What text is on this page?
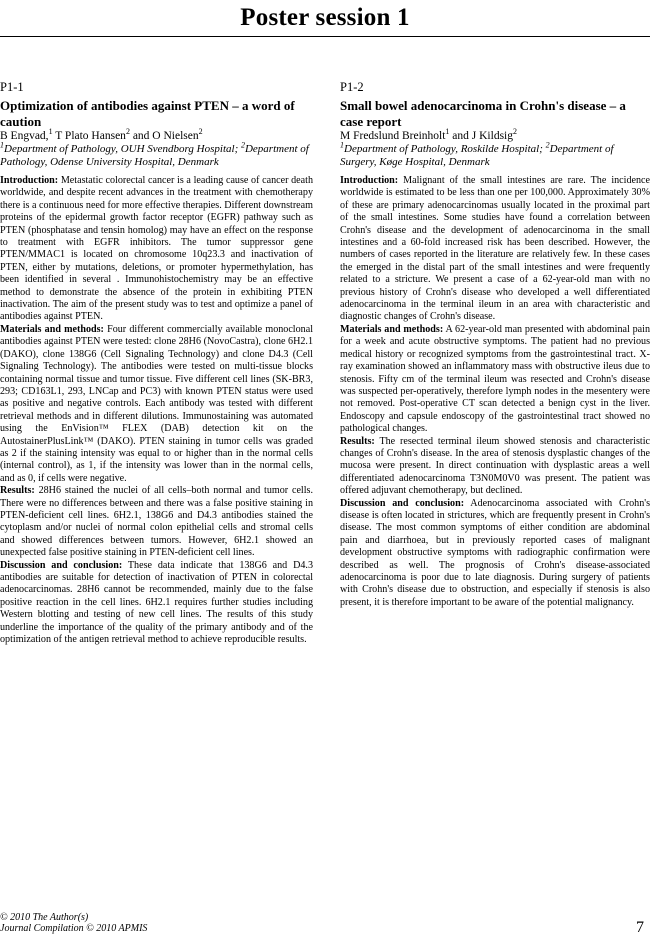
Poster session 1

P1-1

Optimization of antibodies against PTEN – a word of caution

B Engvad,$^1$ T Plato Hansen$^2$ and O Nielsen$^2$

$^1$Department of Pathology, OUH Svendborg Hospital; $^2$Department of Pathology, Odense University Hospital, Denmark

Introduction: Metastatic colorectal cancer is a leading cause of cancer death worldwide, and despite recent advances in the treatment with chemotherapy there is a continuous need for more effective therapies. Different downstream proteins of the epidermal growth factor receptor (EGFR) pathway such as PTEN (phosphatase and tensin homolog) may have an effect on the response to treatment with EGFR inhibitors. The tumor suppressor gene PTEN/MMAC1 is located on chromosome 10q23.3 and inactivation of PTEN, either by mutations, deletions, or promoter hypermethylation, has been identified in several . Immunohistochemistry may be an effective method to demonstrate the absence of the protein in exhibiting PTEN inactivation. The aim of the present study was to test and optimize a panel of antibodies against PTEN.

Materials and methods: Four different commercially available monoclonal antibodies against PTEN were tested: clone 28H6 (NovoCastra), clone 6H2.1 (DAKO), clone 138G6 (Cell Signaling Technology) and clone D4.3 (Cell Signaling Technology). The antibodies were tested on multi-tissue blocks containing normal tissue and tumor tissue. Five different cell lines (SK-BR3, 293; CD163L1, 293, LNCap and PC3) with known PTEN status were used as positive and negative controls. Each antibody was tested with different retrieval methods and in different dilutions. Immunostaining was automated using the EnVision™ FLEX (DAB) detection kit on the AutostainerPlusLink™ (DAKO). PTEN staining in tumor cells was graded as 2 if the staining intensity was equal to or higher than in the normal cells (internal control), as 1, if the intensity was lower than in the normal cells, and as 0, if cells were negative.

Results: 28H6 stained the nuclei of all cells–both normal and tumor cells. There were no differences between and there was a false positive staining in PTEN-deficient cell lines. 6H2.1, 138G6 and D4.3 antibodies stained the cytoplasm and/or nuclei of normal colon epithelial cells and stromal cells and showed differences between tumors. However, 6H2.1 showed an unexpected false positive staining in PTEN-deficient cell lines.

Discussion and conclusion: These data indicate that 138G6 and D4.3 antibodies are suitable for detection of inactivation of PTEN in colorectal adenocarcinomas. 28H6 cannot be recommended, mainly due to the false positive reaction in the cell lines. 6H2.1 requires further studies including Western blotting and testing of new cell lines. The results of this study underline the importance of the quality of the primary antibody and of the optimization of the antigen retrieval method to achieve reproducible results.

P1-2

Small bowel adenocarcinoma in Crohn's disease – a case report

M Fredslund Breinholt$^1$ and J Kildsig$^2$

$^1$Department of Pathology, Roskilde Hospital; $^2$Department of Surgery, Køge Hospital, Denmark

Introduction: Malignant of the small intestines are rare. The incidence worldwide is estimated to be less than one per 100,000. Approximately 30% of these are primary adenocarcinomas usually located in the proximal part of the small intestines. Some studies have found a correlation between Crohn's disease and the development of adenocarcinoma in the small intestines and a 60-fold increased risk has been described. However, the numbers of cases reported in the literature are relatively few. In these cases the emerged in the distal part of the small intestines and were frequently related to a stricture. We present a case of a 62-year-old man with no previous history of Crohn's disease who developed a well differentiated adenocarcinoma in the terminal ileum in an area with characteristic and diagnostic changes of Crohn's disease.

Materials and methods: A 62-year-old man presented with abdominal pain for a week and acute obstructive symptoms. The patient had no previous medical history or recognized symptoms from the gastrointestinal tract. X-ray examination showed an inflammatory mass with obstructive ileus due to stenosis. Fifty cm of the terminal ileum was resected and Crohn's disease was suspected per-operatively, therefore lymph nodes in the mesentery were not removed. Post-operative CT scan detected a benign cyst in the liver. Endoscopy and capsule endoscopy of the gastrointestinal tract showed no pathological changes.

Results: The resected terminal ileum showed stenosis and characteristic changes of Crohn's disease. In the area of stenosis dysplastic changes of the mucosa were present. In direct continuation with dysplastic areas a well differentiated adenocarcinoma T3N0M0V0 was present. The patient was offered adjuvant chemotherapy, but declined.

Discussion and conclusion: Adenocarcinoma associated with Crohn's disease is often located in strictures, which are frequently present in Crohn's disease. The most common symptoms of either condition are abdominal pain and diarrhoea, but in previously reported cases of malignant development obstructive symptoms with radiographic confirmation were described as well. The prognosis of Crohn's disease-associated adenocarcinoma is poor due to late diagnosis. During surgery of patients with Crohn's disease due to obstruction, and especially if stenosis is also present, it is therefore important to be aware of the potential malignancy.

© 2010 The Author(s)
Journal Compilation © 2010 APMIS	7
